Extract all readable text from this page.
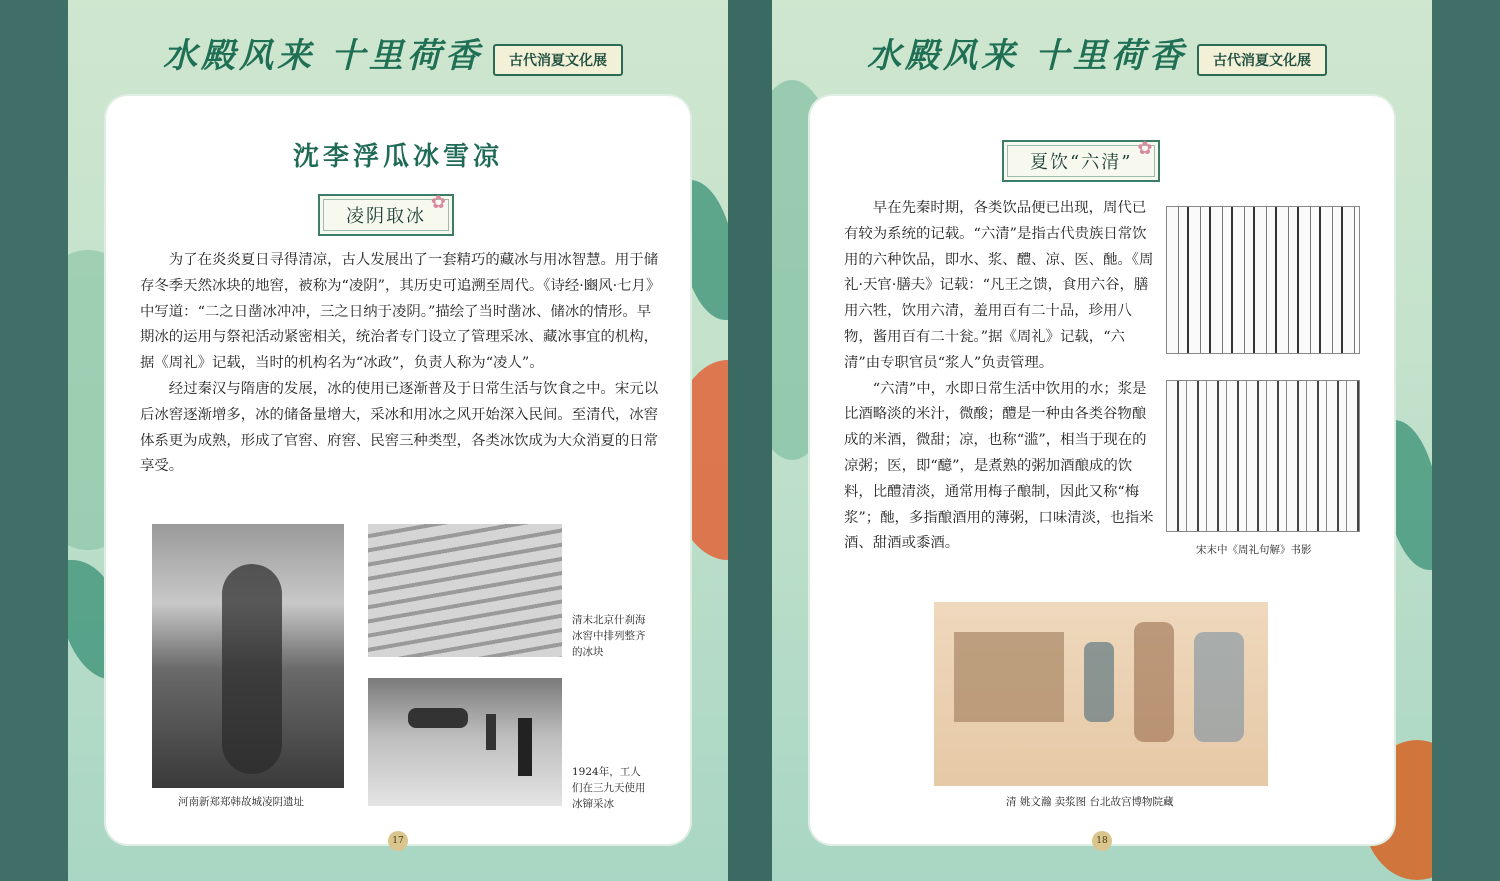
水殿风来 十里荷香	古代消夏文化展
沈李浮瓜冰雪凉
凌阴取冰
✿

为了在炎炎夏日寻得清凉，古人发展出了一套精巧的藏冰与用冰智慧。用于储存冬季天然冰块的地窖，被称为“凌阴”，其历史可追溯至周代。《诗经·豳风·七月》中写道：“二之日凿冰冲冲，三之日纳于凌阴。”描绘了当时凿冰、储冰的情形。早期冰的运用与祭祀活动紧密相关，统治者专门设立了管理采冰、藏冰事宜的机构，据《周礼》记载，当时的机构名为“冰政”，负责人称为“凌人”。

经过秦汉与隋唐的发展，冰的使用已逐渐普及于日常生活与饮食之中。宋元以后冰窖逐渐增多，冰的储备量增大，采冰和用冰之风开始深入民间。至清代，冰窖体系更为成熟，形成了官窖、府窖、民窖三种类型，各类冰饮成为大众消夏的日常享受。

河南新郑郑韩故城凌阴遗址
清末北京什刹海冰窖中排列整齐的冰块
1924年，工人们在三九天使用冰镩采冰
17
水殿风来 十里荷香	古代消夏文化展
夏饮“六清”
✿

早在先秦时期，各类饮品便已出现，周代已有较为系统的记载。“六清”是指古代贵族日常饮用的六种饮品，即水、浆、醴、凉、医、酏。《周礼·天官·膳夫》记载：“凡王之馈，食用六谷，膳用六牲，饮用六清，羞用百有二十品，珍用八物，酱用百有二十瓮。”据《周礼》记载，“六清”由专职官员“浆人”负责管理。

“六清”中，水即日常生活中饮用的水；浆是比酒略淡的米汁，微酸；醴是一种由各类谷物酿成的米酒，微甜；凉，也称“滥”，相当于现在的凉粥；医，即“醷”，是煮熟的粥加酒酿成的饮料，比醴清淡，通常用梅子酿制，因此又称“梅浆”；酏，多指酿酒用的薄粥，口味清淡，也指米酒、甜酒或黍酒。	宋末中《周礼句解》书影
清 姚文瀚 卖浆图 台北故宫博物院藏
18
